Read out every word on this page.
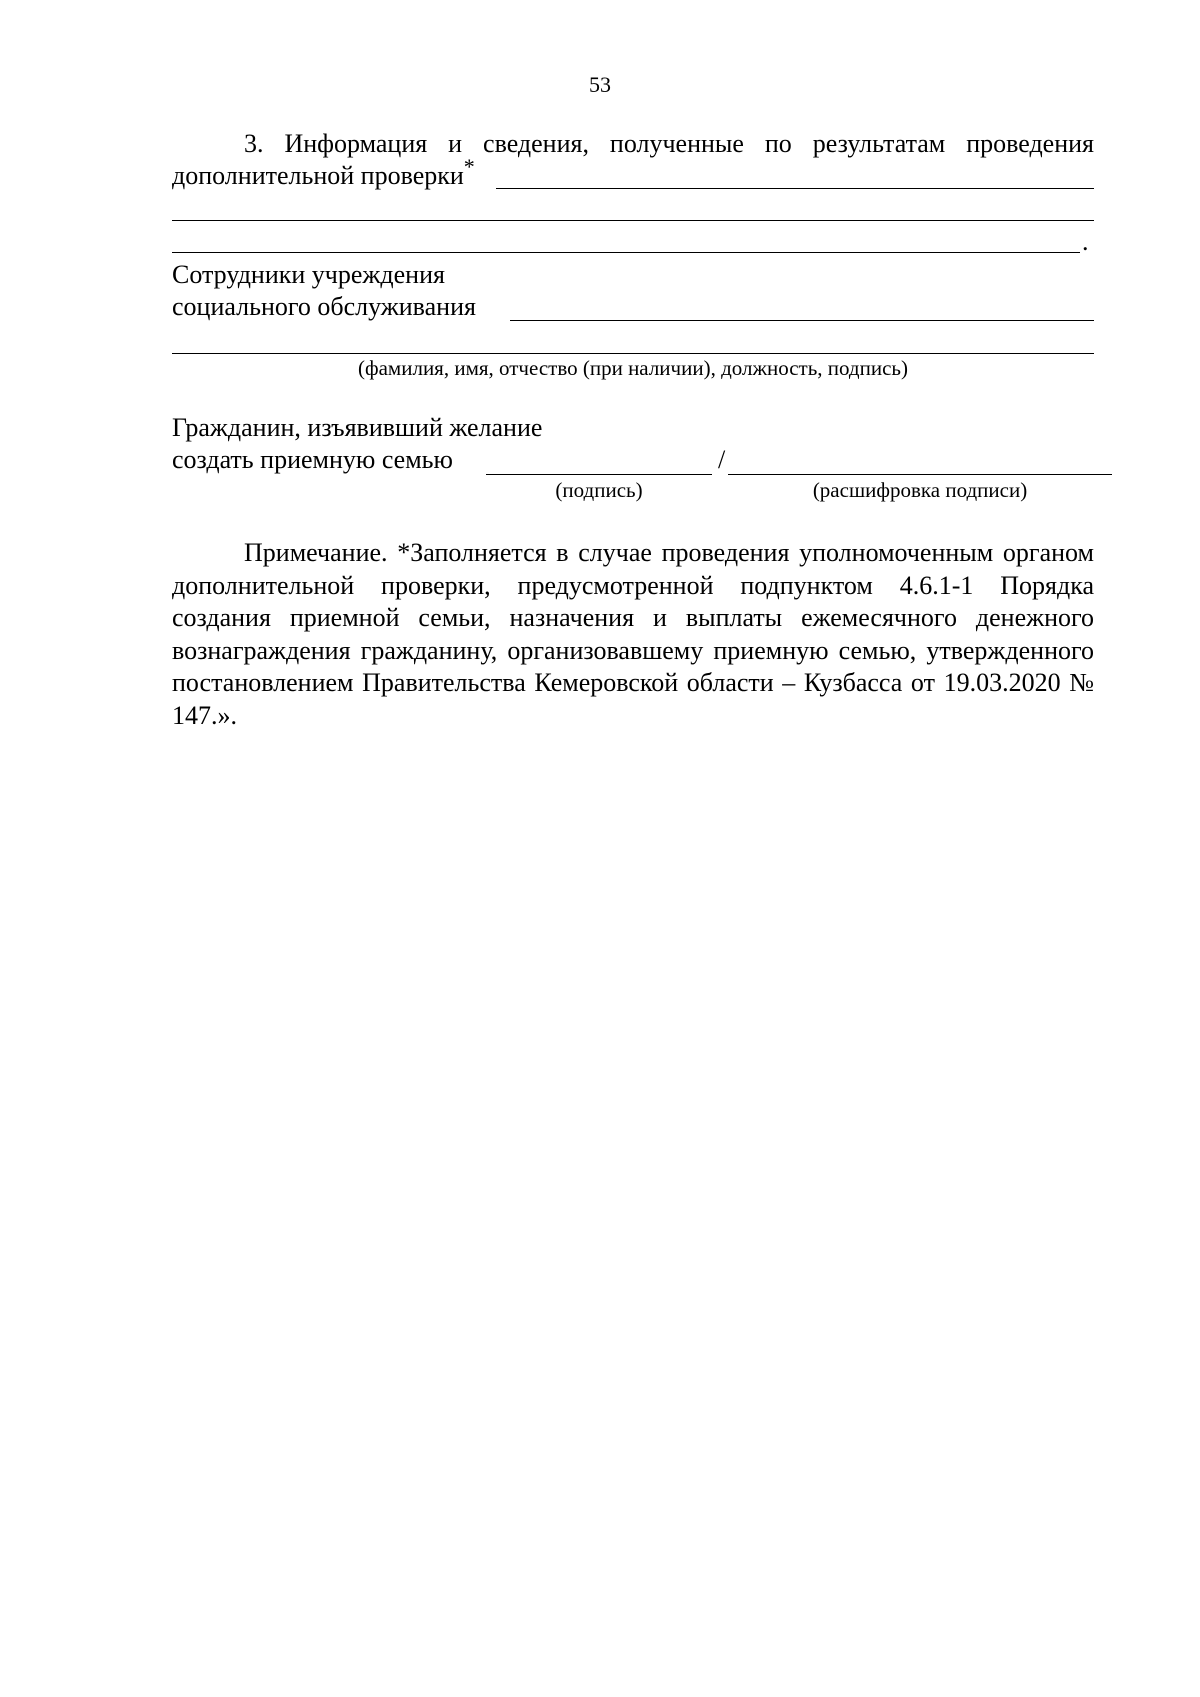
53
3. Информация и сведения, полученные по результатам проведения
дополнительной проверки*
.
Сотрудники учреждения
социального обслуживания
(фамилия, имя, отчество (при наличии), должность, подпись)
Гражданин, изъявивший желание
создать приемную семью	/
(подпись)	(расшифровка подписи)
Примечание. *Заполняется в случае проведения уполномоченным органом дополнительной проверки, предусмотренной подпунктом 4.6.1-1 Порядка создания приемной семьи, назначения и выплаты ежемесячного денежного вознаграждения гражданину, организовавшему приемную семью, утвержденного постановлением Правительства Кемеровской области – Кузбасса от 19.03.2020 № 147.».
